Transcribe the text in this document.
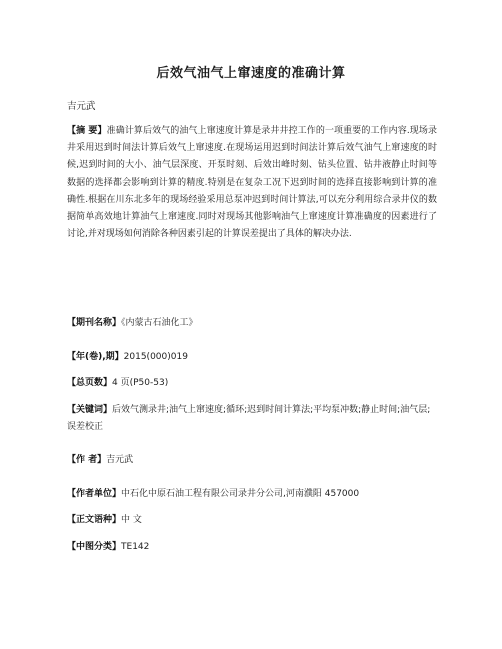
后效气油气上窜速度的准确计算
吉元武
【摘 要】准确计算后效气的油气上窜速度计算是录井井控工作的一项重要的工作内容.现场录井采用迟到时间法计算后效气上窜速度.在现场运用迟到时间法计算后效气油气上窜速度的时候,迟到时间的大小、油气层深度、开泵时刻、后效出峰时刻、钻头位置、钻井液静止时间等数据的选择都会影响到计算的精度.特别是在复杂工况下迟到时间的选择直接影响到计算的准确性.根据在川东北多年的现场经验采用总泵冲迟到时间计算法,可以充分利用综合录井仪的数据简单高效地计算油气上窜速度.同时对现场其他影响油气上窜速度计算准确度的因素进行了讨论,并对现场如何消除各种因素引起的计算误差提出了具体的解决办法.
【期刊名称】《内蒙古石油化工》
【年(卷),期】2015(000)019
【总页数】4 页(P50-53)
【关键词】后效气测录井;油气上窜速度;循环;迟到时间计算法;平均泵冲数;静止时间;油气层;误差校正
【作 者】吉元武
【作者单位】中石化中原石油工程有限公司录井分公司,河南濮阳 457000
【正文语种】中 文
【中图分类】TE142
